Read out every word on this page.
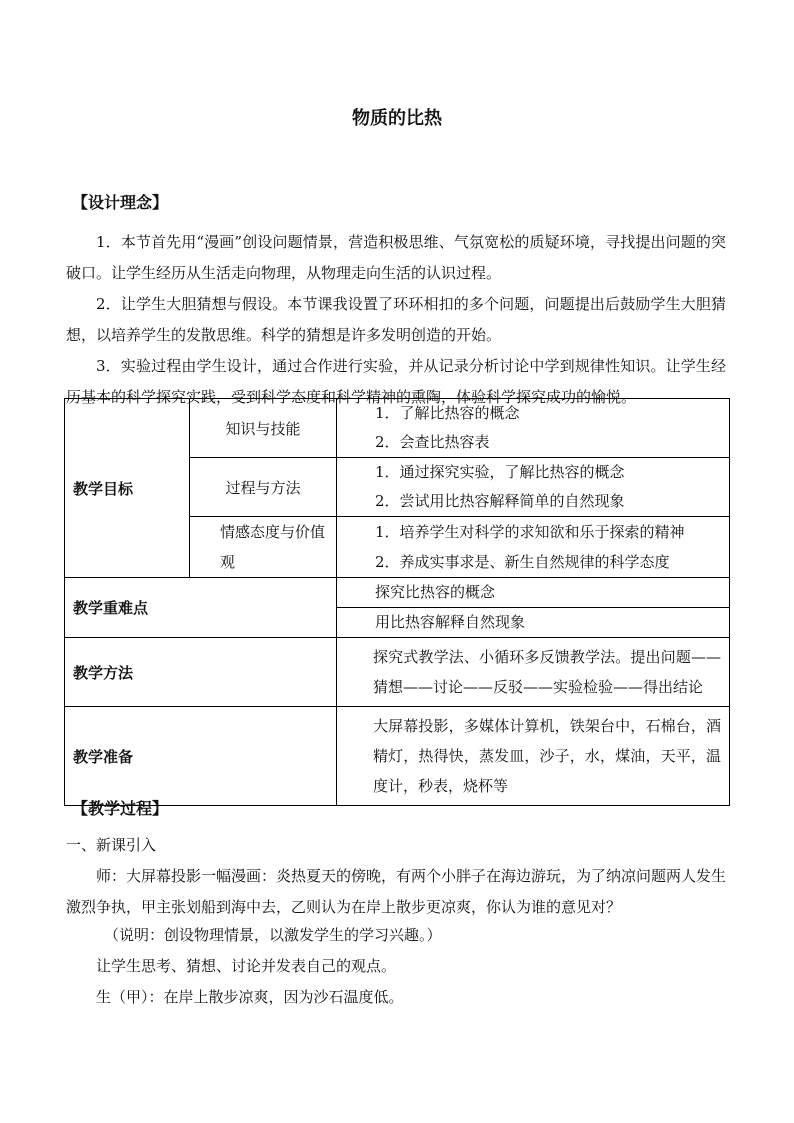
物质的比热
【设计理念】

1．本节首先用“漫画”创设问题情景，营造积极思维、气氛宽松的质疑环境，寻找提出问题的突破口。让学生经历从生活走向物理，从物理走向生活的认识过程。

2．让学生大胆猜想与假设。本节课我设置了环环相扣的多个问题，问题提出后鼓励学生大胆猜想，以培养学生的发散思维。科学的猜想是许多发明创造的开始。

3．实验过程由学生设计，通过合作进行实验，并从记录分析讨论中学到规律性知识。让学生经历基本的科学探究实践，受到科学态度和科学精神的熏陶，体验科学探究成功的愉悦。

教学目标	知识与技能	1．了解比热容的概念
		2．会查比热容表
	过程与方法	1．通过探究实验，了解比热容的概念
		2．尝试用比热容解释简单的自然现象
	情感态度与价值观	1．培养学生对科学的求知欲和乐于探索的精神
		2．养成实事求是、新生自然规律的科学态度
教学重难点		探究比热容的概念
		用比热容解释自然现象
教学方法		探究式教学法、小循环多反馈教学法。提出问题——猜想——讨论——反驳——实验检验——得出结论
教学准备		大屏幕投影，多媒体计算机，铁架台中，石棉台，酒精灯，热得快，蒸发皿，沙子，水，煤油，天平，温度计，秒表，烧杯等
【教学过程】
一、新课引入

师：大屏幕投影一幅漫画：炎热夏天的傍晚，有两个小胖子在海边游玩，为了纳凉问题两人发生激烈争执，甲主张划船到海中去，乙则认为在岸上散步更凉爽，你认为谁的意见对？

（说明：创设物理情景，以激发学生的学习兴趣。）
让学生思考、猜想、讨论并发表自己的观点。
生（甲）：在岸上散步凉爽，因为沙石温度低。
